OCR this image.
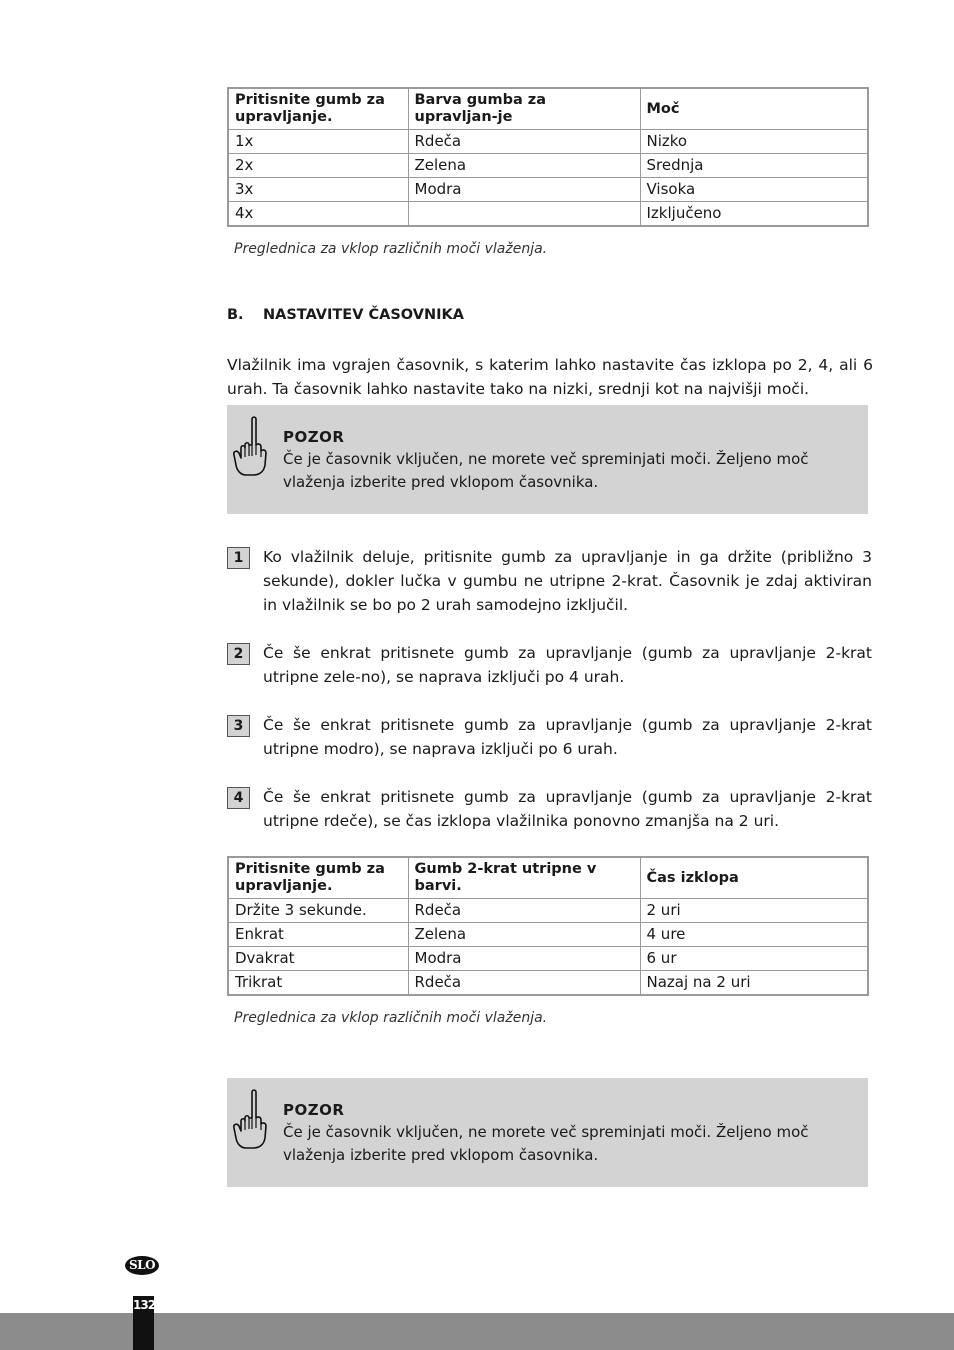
Pritisnite gumb za upravljanje.	Barva gumba za upravljan-je	Moč
1x	Rdeča	Nizko
2x	Zelena	Srednja
3x	Modra	Visoka
4x		Izključeno
Preglednica za vklop različnih moči vlaženja.
B. NASTAVITEV ČASOVNIKA
Vlažilnik ima vgrajen časovnik, s katerim lahko nastavite čas izklopa po 2, 4, ali 6 urah. Ta časovnik lahko nastavite tako na nizki, srednji kot na najvišji moči.
POZOR
Če je časovnik vključen, ne morete več spreminjati moči. Željeno moč vlaženja izberite pred vklopom časovnika.
1	Ko vlažilnik deluje, pritisnite gumb za upravljanje in ga držite (približno 3 sekunde), dokler lučka v gumbu ne utripne 2-krat. Časovnik je zdaj aktiviran in vlažilnik se bo po 2 urah samodejno izključil.
2	Če še enkrat pritisnete gumb za upravljanje (gumb za upravljanje 2-krat utripne zele-no), se naprava izključi po 4 urah.
3	Če še enkrat pritisnete gumb za upravljanje (gumb za upravljanje 2-krat utripne modro), se naprava izključi po 6 urah.
4	Če še enkrat pritisnete gumb za upravljanje (gumb za upravljanje 2-krat utripne rdeče), se čas izklopa vlažilnika ponovno zmanjša na 2 uri.
Pritisnite gumb za upravljanje.	Gumb 2-krat utripne v barvi.	Čas izklopa
Držite 3 sekunde.	Rdeča	2 uri
Enkrat	Zelena	4 ure
Dvakrat	Modra	6 ur
Trikrat	Rdeča	Nazaj na 2 uri
Preglednica za vklop različnih moči vlaženja.
POZOR
Če je časovnik vključen, ne morete več spreminjati moči. Željeno moč vlaženja izberite pred vklopom časovnika.
SLO
132
